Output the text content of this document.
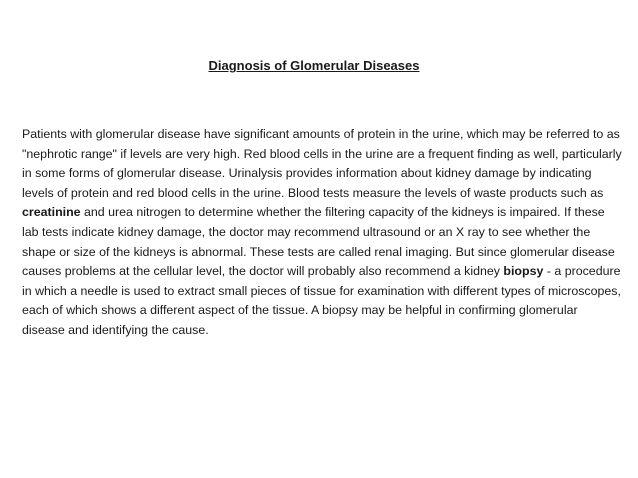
Diagnosis of Glomerular Diseases

Patients with glomerular disease have significant amounts of protein in the urine, which may be referred to as "nephrotic range" if levels are very high. Red blood cells in the urine are a frequent finding as well, particularly in some forms of glomerular disease. Urinalysis provides information about kidney damage by indicating levels of protein and red blood cells in the urine. Blood tests measure the levels of waste products such as creatinine and urea nitrogen to determine whether the filtering capacity of the kidneys is impaired. If these lab tests indicate kidney damage, the doctor may recommend ultrasound or an X ray to see whether the shape or size of the kidneys is abnormal. These tests are called renal imaging. But since glomerular disease causes problems at the cellular level, the doctor will probably also recommend a kidney biopsy - a procedure in which a needle is used to extract small pieces of tissue for examination with different types of microscopes, each of which shows a different aspect of the tissue. A biopsy may be helpful in confirming glomerular disease and identifying the cause.
